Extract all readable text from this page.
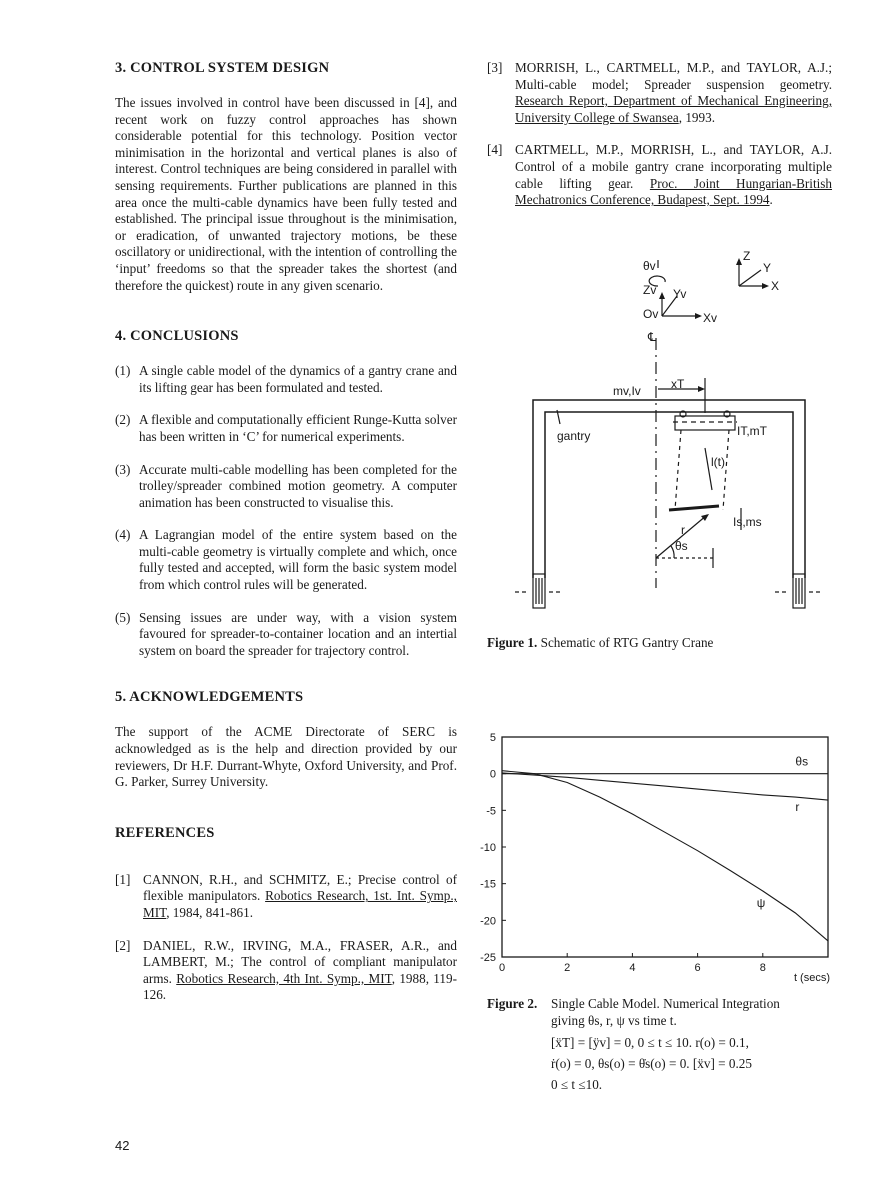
3. CONTROL SYSTEM DESIGN

The issues involved in control have been discussed in [4], and recent work on fuzzy control approaches has shown considerable potential for this technology. Position vector minimisation in the horizontal and vertical planes is also of interest. Control techniques are being considered in parallel with sensing requirements. Further publications are planned in this area once the multi-cable dynamics have been fully tested and established. The principal issue throughout is the minimisation, or eradication, of unwanted trajectory motions, be these oscillatory or unidirectional, with the intention of controlling the ‘input’ freedoms so that the spreader takes the shortest (and therefore the quickest) route in any given scenario.

4. CONCLUSIONS
(1) A single cable model of the dynamics of a gantry crane and its lifting gear has been formulated and tested.
(2) A flexible and computationally efficient Runge-Kutta solver has been written in ‘C’ for numerical experiments.
(3) Accurate multi-cable modelling has been completed for the trolley/spreader combined motion geometry. A computer animation has been constructed to visualise this.
(4) A Lagrangian model of the entire system based on the multi-cable geometry is virtually complete and which, once fully tested and accepted, will form the basic system model from which control rules will be generated.
(5) Sensing issues are under way, with a vision system favoured for spreader-to-container location and an intertial system on board the spreader for trajectory control.
5. ACKNOWLEDGEMENTS

The support of the ACME Directorate of SERC is acknowledged as is the help and direction provided by our reviewers, Dr H.F. Durrant-Whyte, Oxford University, and Prof. G. Parker, Surrey University.

REFERENCES
[1] CANNON, R.H., and SCHMITZ, E.; Precise control of flexible manipulators. Robotics Research, 1st. Int. Symp., MIT, 1984, 841-861.
[2] DANIEL, R.W., IRVING, M.A., FRASER, A.R., and LAMBERT, M.; The control of compliant manipulator arms. Robotics Research, 4th Int. Symp., MIT, 1988, 119-126.
42
[3] MORRISH, L., CARTMELL, M.P., and TAYLOR, A.J.; Multi-cable model; Spreader suspension geometry. Research Report, Department of Mechanical Engineering, University College of Swansea, 1993.
[4] CARTMELL, M.P., MORRISH, L., and TAYLOR, A.J. Control of a mobile gantry crane incorporating multiple cable lifting gear. Proc. Joint Hungarian-British Mechatronics Conference, Budapest, Sept. 1994.
θv
Zv Yv
Xv
Ov
℄
Z
Y
X
mv,Iv	xT
gantry	IT,mT
l(t)
r
Is,ms
θs
Figure 1. Schematic of RTG Gantry Crane
5
0
-5
-10
-15
-20
-25
0	2	4	6	8
t (secs)
θs
r
ψ
Figure 2.	Single Cable Model. Numerical Integration
giving θs, r, ψ vs time t.
[ẍT] = [ÿv] = 0, 0 ≤ t ≤ 10. r(o) = 0.1,
ṙ(o) = 0, θs(o) = θ̇s(o) = 0. [ẍv] = 0.25
0 ≤ t ≤10.
